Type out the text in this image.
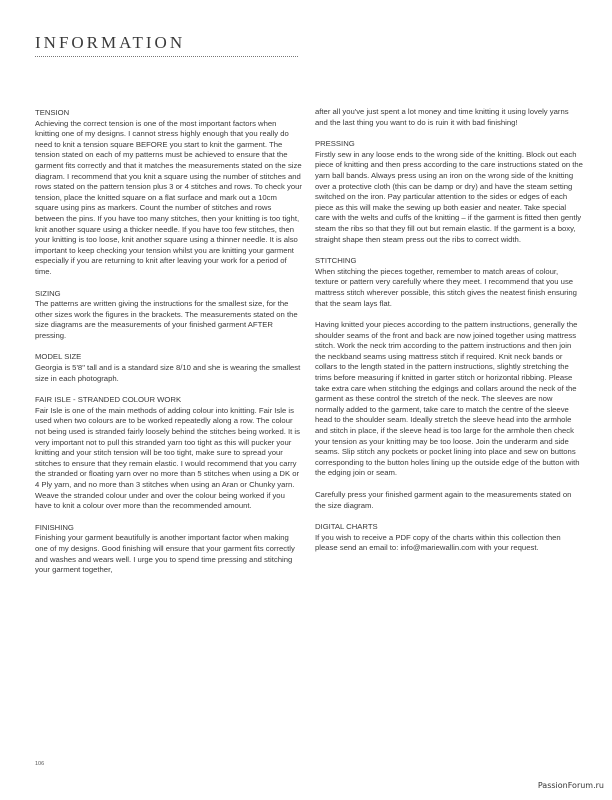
INFORMATION

TENSION

Achieving the correct tension is one of the most important factors when knitting one of my designs. I cannot stress highly enough that you really do need to knit a tension square BEFORE you start to knit the garment. The tension stated on each of my patterns must be achieved to ensure that the garment fits correctly and that it matches the measurements stated on the size diagram. I recommend that you knit a square using the number of stitches and rows stated on the pattern tension plus 3 or 4 stitches and rows. To check your tension, place the knitted square on a flat surface and mark out a 10cm square using pins as markers. Count the number of stitches and rows between the pins. If you have too many stitches, then your knitting is too tight, knit another square using a thicker needle. If you have too few stitches, then your knitting is too loose, knit another square using a thinner needle. It is also important to keep checking your tension whilst you are knitting your garment especially if you are returning to knit after leaving your work for a period of time.

SIZING

The patterns are written giving the instructions for the smallest size, for the other sizes work the figures in the brackets. The measurements stated on the size diagrams are the measurements of your finished garment AFTER pressing.

MODEL SIZE

Georgia is 5'8" tall and is a standard size 8/10 and she is wearing the smallest size in each photograph.

FAIR ISLE - STRANDED COLOUR WORK

Fair Isle is one of the main methods of adding colour into knitting. Fair Isle is used when two colours are to be worked repeatedly along a row. The colour not being used is stranded fairly loosely behind the stitches being worked. It is very important not to pull this stranded yarn too tight as this will pucker your knitting and your stitch tension will be too tight, make sure to spread your stitches to ensure that they remain elastic. I would recommend that you carry the stranded or floating yarn over no more than 5 stitches when using a DK or 4 Ply yarn, and no more than 3 stitches when using an Aran or Chunky yarn. Weave the stranded colour under and over the colour being worked if you have to knit a colour over more than the recommended amount.

FINISHING

Finishing your garment beautifully is another important factor when making one of my designs. Good finishing will ensure that your garment fits correctly and washes and wears well. I urge you to spend time pressing and stitching your garment together,

after all you've just spent a lot money and time knitting it using lovely yarns and the last thing you want to do is ruin it with bad finishing!

PRESSING

Firstly sew in any loose ends to the wrong side of the knitting. Block out each piece of knitting and then press according to the care instructions stated on the yarn ball bands. Always press using an iron on the wrong side of the knitting over a protective cloth (this can be damp or dry) and have the steam setting switched on the iron. Pay particular attention to the sides or edges of each piece as this will make the sewing up both easier and neater. Take special care with the welts and cuffs of the knitting – if the garment is fitted then gently steam the ribs so that they fill out but remain elastic. If the garment is a boxy, straight shape then steam press out the ribs to correct width.

STITCHING

When stitching the pieces together, remember to match areas of colour, texture or pattern very carefully where they meet. I recommend that you use mattress stitch wherever possible, this stitch gives the neatest finish ensuring that the seam lays flat.

Having knitted your pieces according to the pattern instructions, generally the shoulder seams of the front and back are now joined together using mattress stitch. Work the neck trim according to the pattern instructions and then join the neckband seams using mattress stitch if required. Knit neck bands or collars to the length stated in the pattern instructions, slightly stretching the trims before measuring if knitted in garter stitch or horizontal ribbing. Please take extra care when stitching the edgings and collars around the neck of the garment as these control the stretch of the neck. The sleeves are now normally added to the garment, take care to match the centre of the sleeve head to the shoulder seam. Ideally stretch the sleeve head into the armhole and stitch in place, if the sleeve head is too large for the armhole then check your tension as your knitting may be too loose. Join the underarm and side seams. Slip stitch any pockets or pocket lining into place and sew on buttons corresponding to the button holes lining up the outside edge of the button with the edging join or seam.

Carefully press your finished garment again to the measurements stated on the size diagram.

DIGITAL CHARTS

If you wish to receive a PDF copy of the charts within this collection then please send an email to: info@mariewallin.com with your request.

106
PassionForum.ru
